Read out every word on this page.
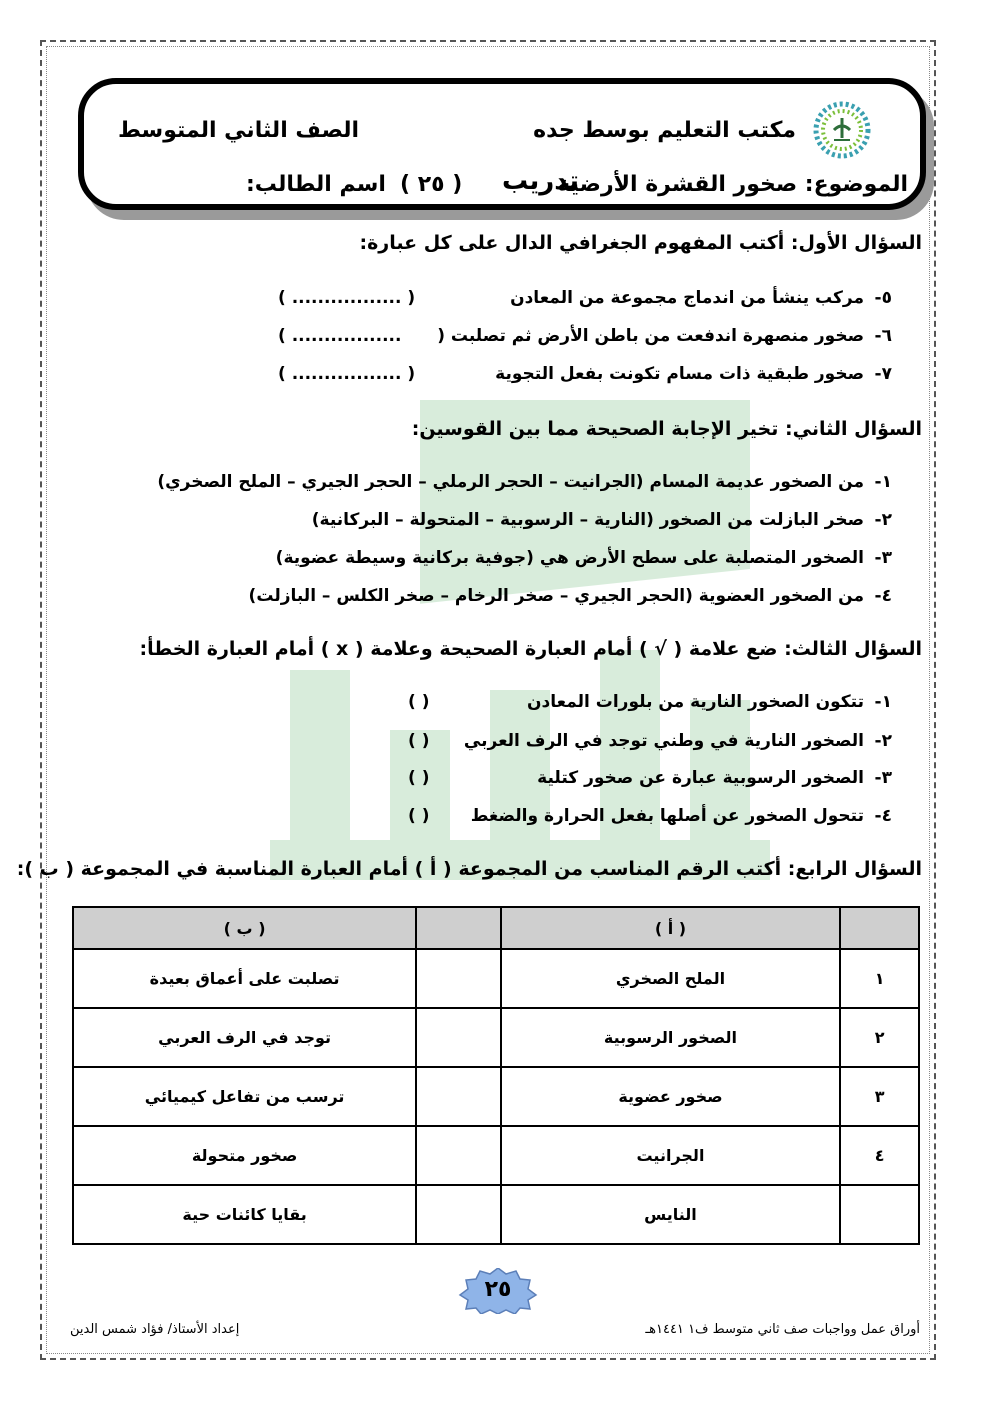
مكتب التعليم بوسط جده
الصف الثاني المتوسط
الموضوع: صخور القشرة الأرضية
تدريب
( ٢٥ )
اسم الطالب:
السؤال الأول: أكتب المفهوم الجغرافي الدال على كل عبارة:
٥-
مركب ينشأ من اندماج مجموعة من المعادن
( ................. )
٦-
صخور منصهرة اندفعت من باطن الأرض ثم تصلبت (
................. )
٧-
صخور طبقية ذات مسام تكونت بفعل التجوية
( ................. )
السؤال الثاني: تخير الإجابة الصحيحة مما بين القوسين:
١-
من الصخور عديمة المسام (الجرانيت – الحجر الرملي – الحجر الجيري – الملح الصخري)
٢-
صخر البازلت من الصخور (النارية – الرسوبية – المتحولة – البركانية)
٣-
الصخور المتصلبة على سطح الأرض هي (جوفية بركانية وسيطة عضوية)
٤-
من الصخور العضوية (الحجر الجيري – صخر الرخام – صخر الكلس – البازلت)
السؤال الثالث: ضع علامة ( √ ) أمام العبارة الصحيحة وعلامة ( x ) أمام العبارة الخطأ:
١-
تتكون الصخور النارية من بلورات المعادن
( )
٢-
الصخور النارية في وطني توجد في الرف العربي
( )
٣-
الصخور الرسوبية عبارة عن صخور كتلية
( )
٤-
تتحول الصخور عن أصلها بفعل الحرارة والضغط
( )
السؤال الرابع: أكتب الرقم المناسب من المجموعة ( أ ) أمام العبارة المناسبة في المجموعة ( ب ):
	( أ )		( ب )
١	الملح الصخري		تصلبت على أعماق بعيدة
٢	الصخور الرسوبية		توجد في الرف العربي
٣	صخور عضوية		ترسب من تفاعل كيميائي
٤	الجرانيت		صخور متحولة
	النايس		بقايا كائنات حية
٢٥
إعداد الأستاذ/ فؤاد شمس الدين	أوراق عمل وواجبات صف ثاني متوسط ف١ ١٤٤١هـ
